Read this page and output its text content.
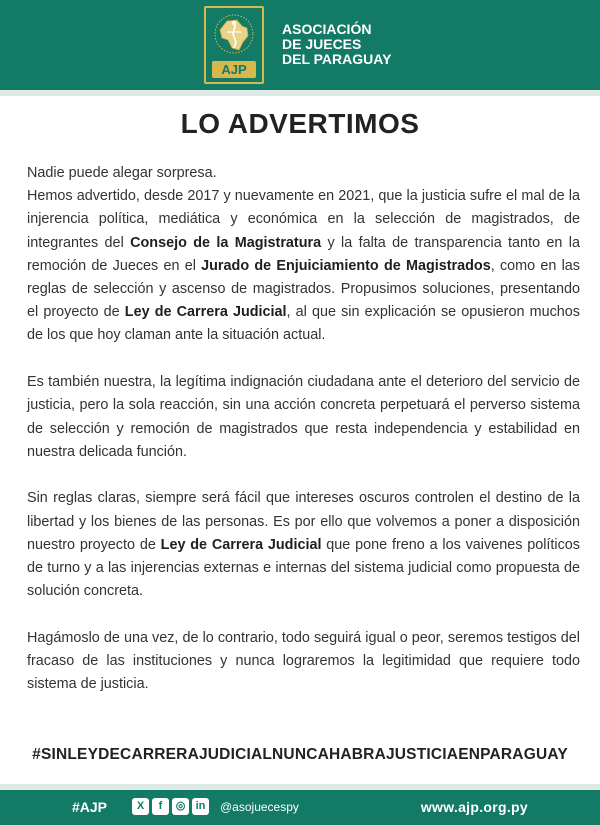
AJP
ASOCIACIÓN
DE JUECES
DEL PARAGUAY
LO ADVERTIMOS
Nadie puede alegar sorpresa.

Hemos advertido, desde 2017 y nuevamente en 2021, que la justicia sufre el mal de la injerencia política, mediática y económica en la selección de magistrados, de integrantes del Consejo de la Magistratura y la falta de transparencia tanto en la remoción de Jueces en el Jurado de Enjuiciamiento de Magistrados, como en las reglas de selección y ascenso de magistrados. Propusimos soluciones, presentando el proyecto de Ley de Carrera Judicial, al que sin explicación se opusieron muchos de los que hoy claman ante la situación actual.

Es también nuestra, la legítima indignación ciudadana ante el deterioro del servicio de justicia, pero la sola reacción, sin una acción concreta perpetuará el perverso sistema de selección y remoción de magistrados que resta independencia y estabilidad en nuestra delicada función.

Sin reglas claras, siempre será fácil que intereses oscuros controlen el destino de la libertad y los bienes de las personas. Es por ello que volvemos a poner a disposición nuestro proyecto de Ley de Carrera Judicial que pone freno a los vaivenes políticos de turno y a las injerencias externas e internas del sistema judicial como propuesta de solución concreta.

Hagámoslo de una vez, de lo contrario, todo seguirá igual o peor, seremos testigos del fracaso de las instituciones y nunca lograremos la legitimidad que requiere todo sistema de justicia.

#SINLEYDECARRERAJUDICIALNUNCAHABRAJUSTICIAENPARAGUAY
#AJP	X	f	◎ in	@asojuecespy	www.ajp.org.py
